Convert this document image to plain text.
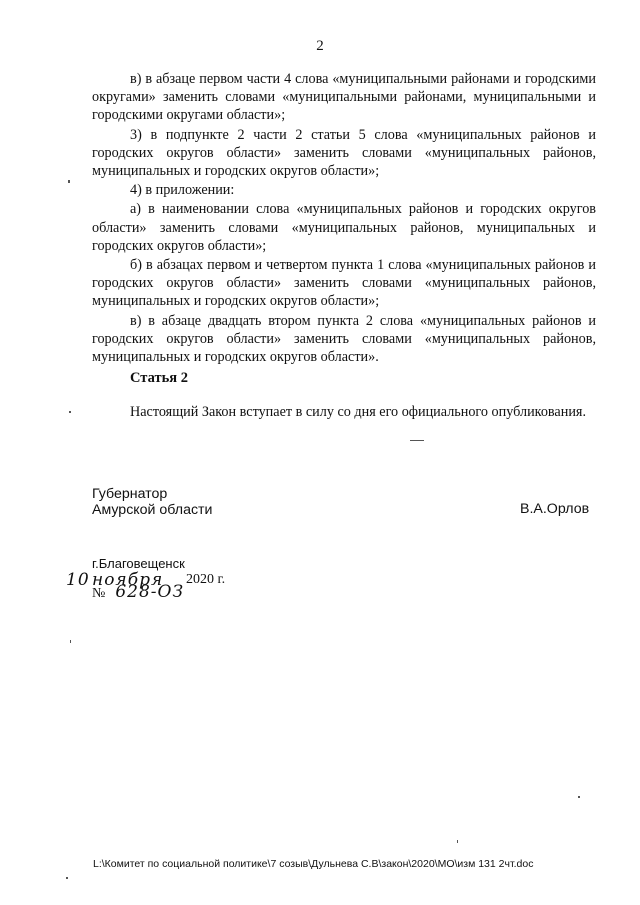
2

в) в абзаце первом части 4 слова «муниципальными районами и городскими округами» заменить словами «муниципальными районами, муниципальными и городскими округами области»;

3) в подпункте 2 части 2 статьи 5 слова «муниципальных районов и городских округов области» заменить словами «муниципальных районов, муниципальных и городских округов области»;

4) в приложении:

а) в наименовании слова «муниципальных районов и городских округов области» заменить словами «муниципальных районов, муниципальных и городских округов области»;

б) в абзацах первом и четвертом пункта 1 слова «муниципальных районов и городских округов области» заменить словами «муниципальных районов, муниципальных и городских округов области»;

в) в абзаце двадцать втором пункта 2 слова «муниципальных районов и городских округов области» заменить словами «муниципальных районов, муниципальных и городских округов области».

Статья 2
Настоящий Закон вступает в силу со дня его официального опубликования.
Губернатор
Амурской области	В.А.Орлов
г.Благовещенск
10 ноября 2020 г.
№ 628-ОЗ
L:\Комитет по социальной политике\7 созыв\Дульнева С.В\закон\2020\МО\изм 131 2чт.doc
